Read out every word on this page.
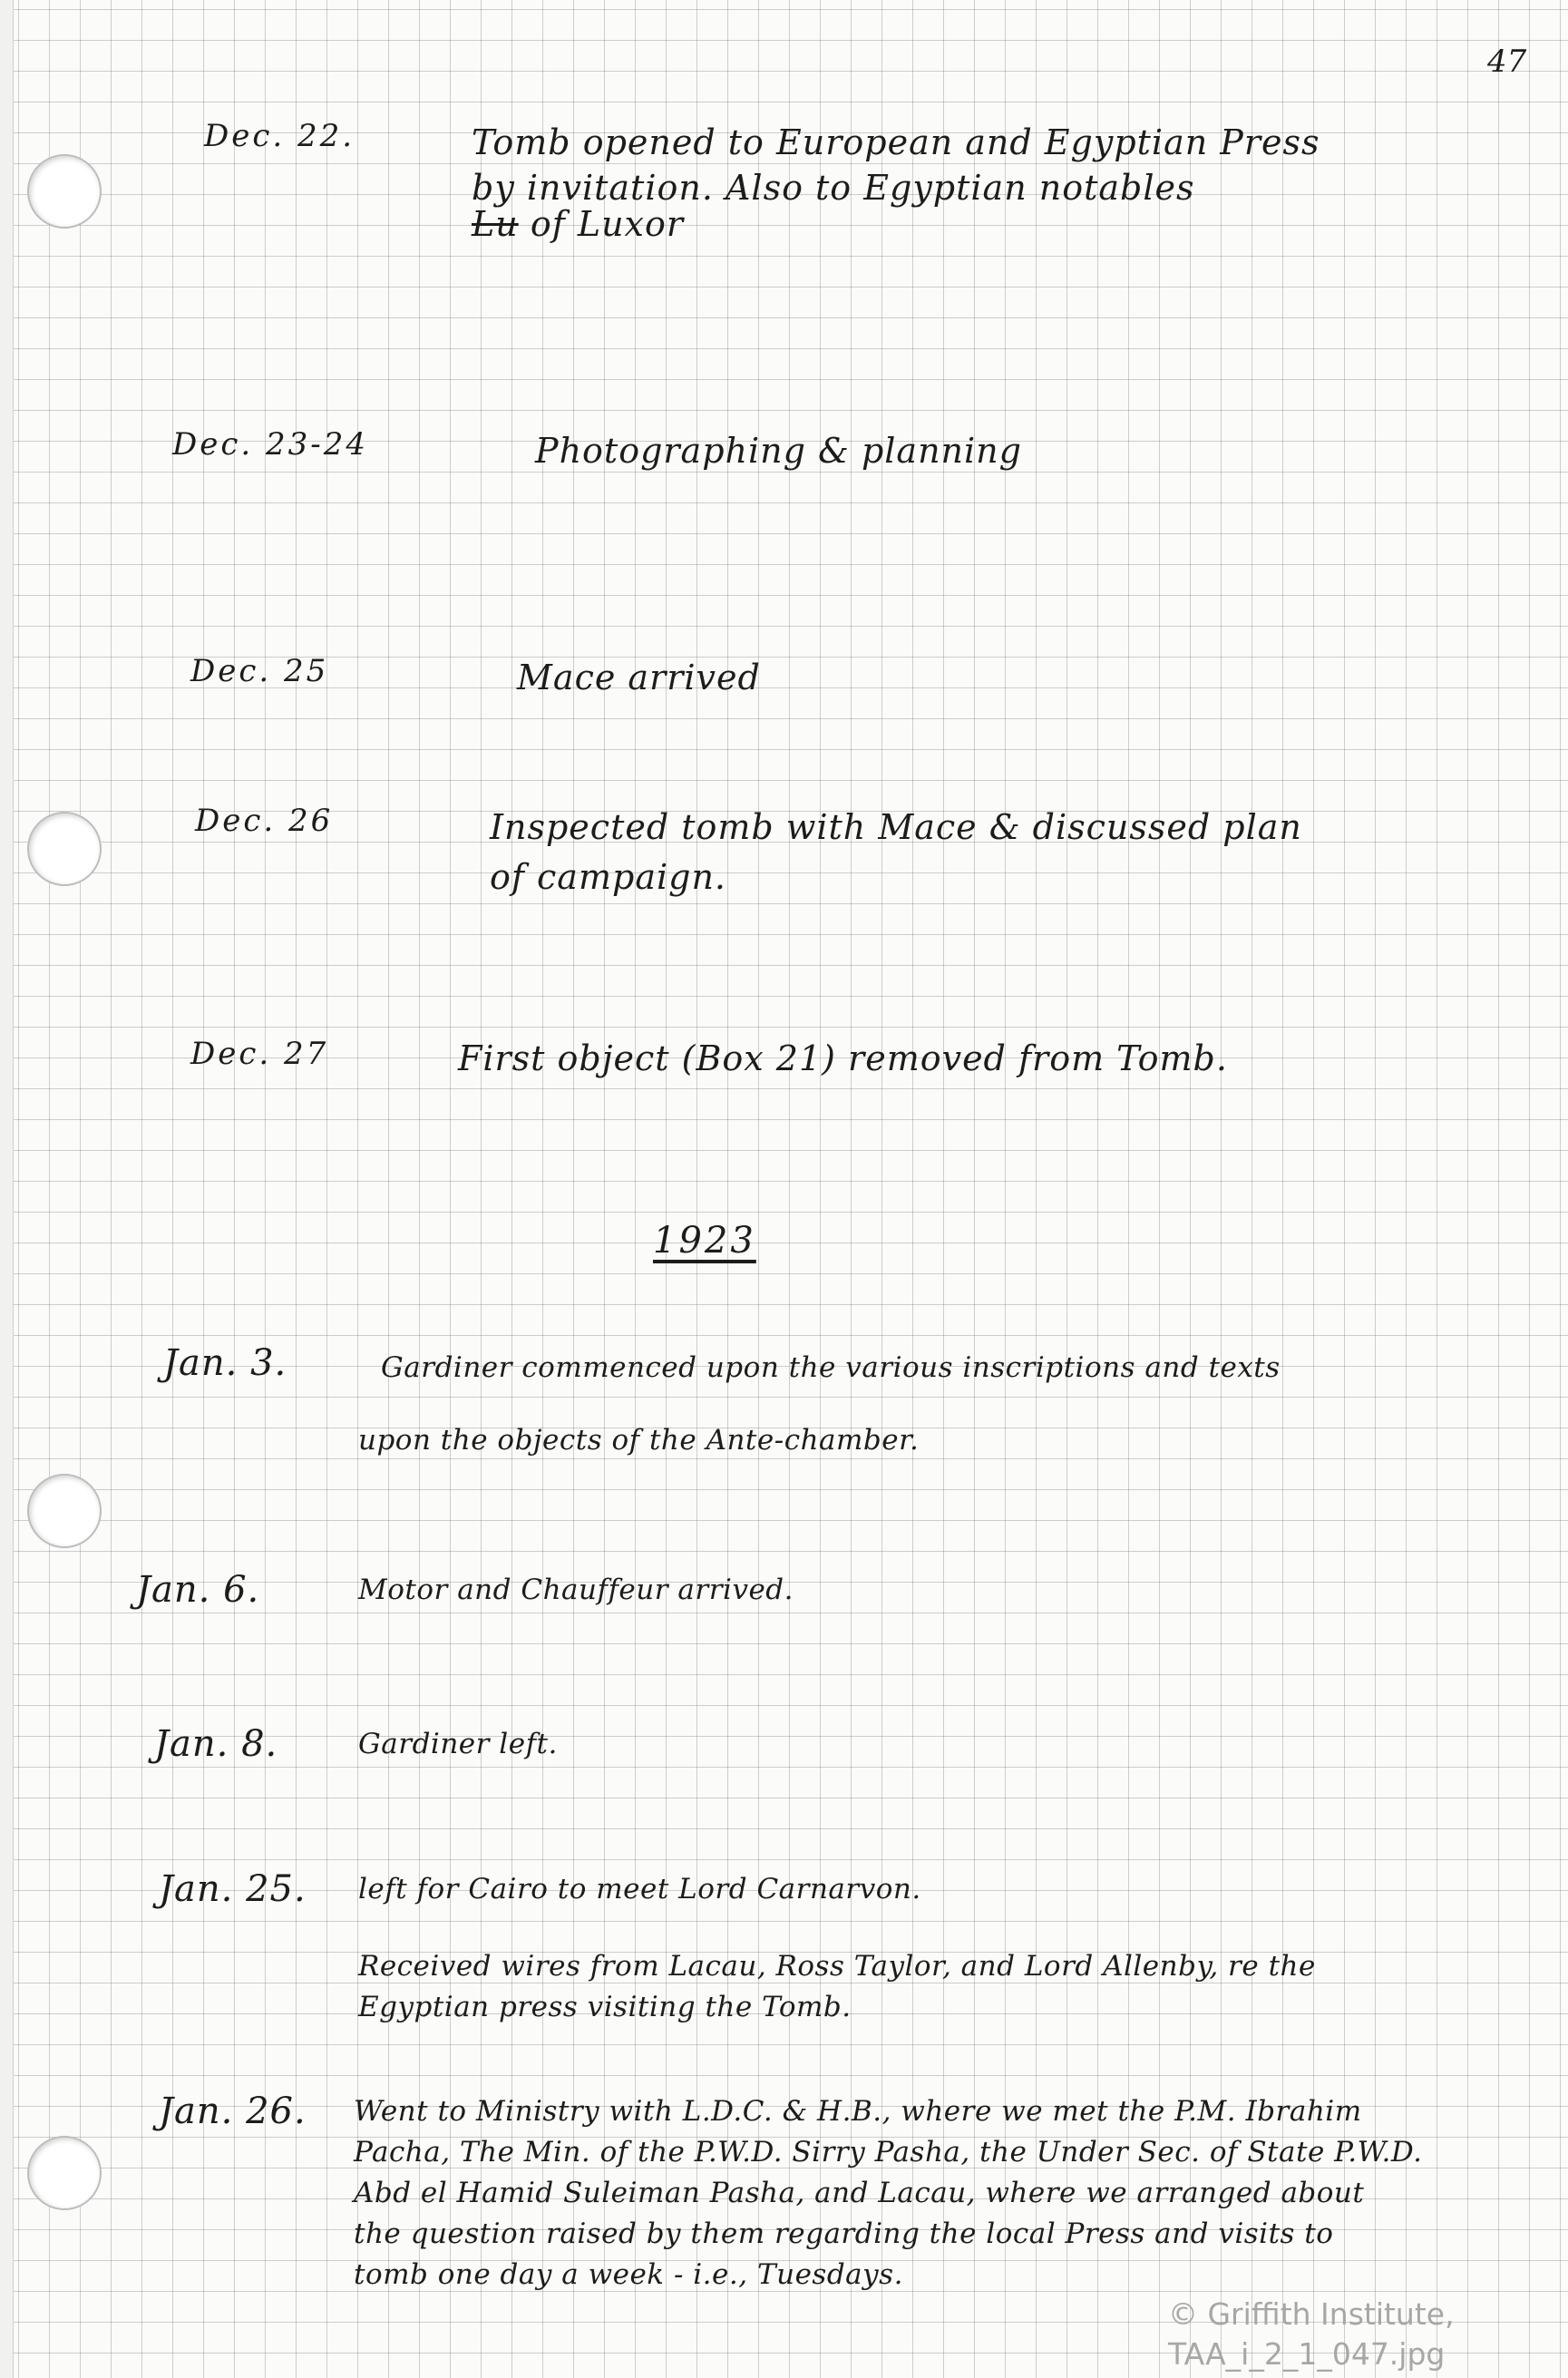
47
Dec. 22.	Tomb opened to European and Egyptian Press
by invitation. Also to Egyptian notables
Lu of Luxor
Dec. 23-24	Photographing & planning
Dec. 25	Mace arrived
Dec. 26	Inspected tomb with Mace & discussed plan
of campaign.
Dec. 27	First object (Box 21) removed from Tomb.
1923
Jan. 3.	Gardiner commenced upon the various inscriptions and texts
upon the objects of the Ante-chamber.
Jan. 6.	Motor and Chauffeur arrived.
Jan. 8.	Gardiner left.
Jan. 25. left for Cairo to meet Lord Carnarvon.
Received wires from Lacau, Ross Taylor, and Lord Allenby, re the
Egyptian press visiting the Tomb.
Jan. 26. Went to Ministry with L.D.C. & H.B., where we met the P.M. Ibrahim
Pacha, The Min. of the P.W.D. Sirry Pasha, the Under Sec. of State P.W.D.
Abd el Hamid Suleiman Pasha, and Lacau, where we arranged about
the question raised by them regarding the local Press and visits to
tomb one day a week - i.e., Tuesdays.
© Griffith Institute,
TAA_i_2_1_047.jpg
